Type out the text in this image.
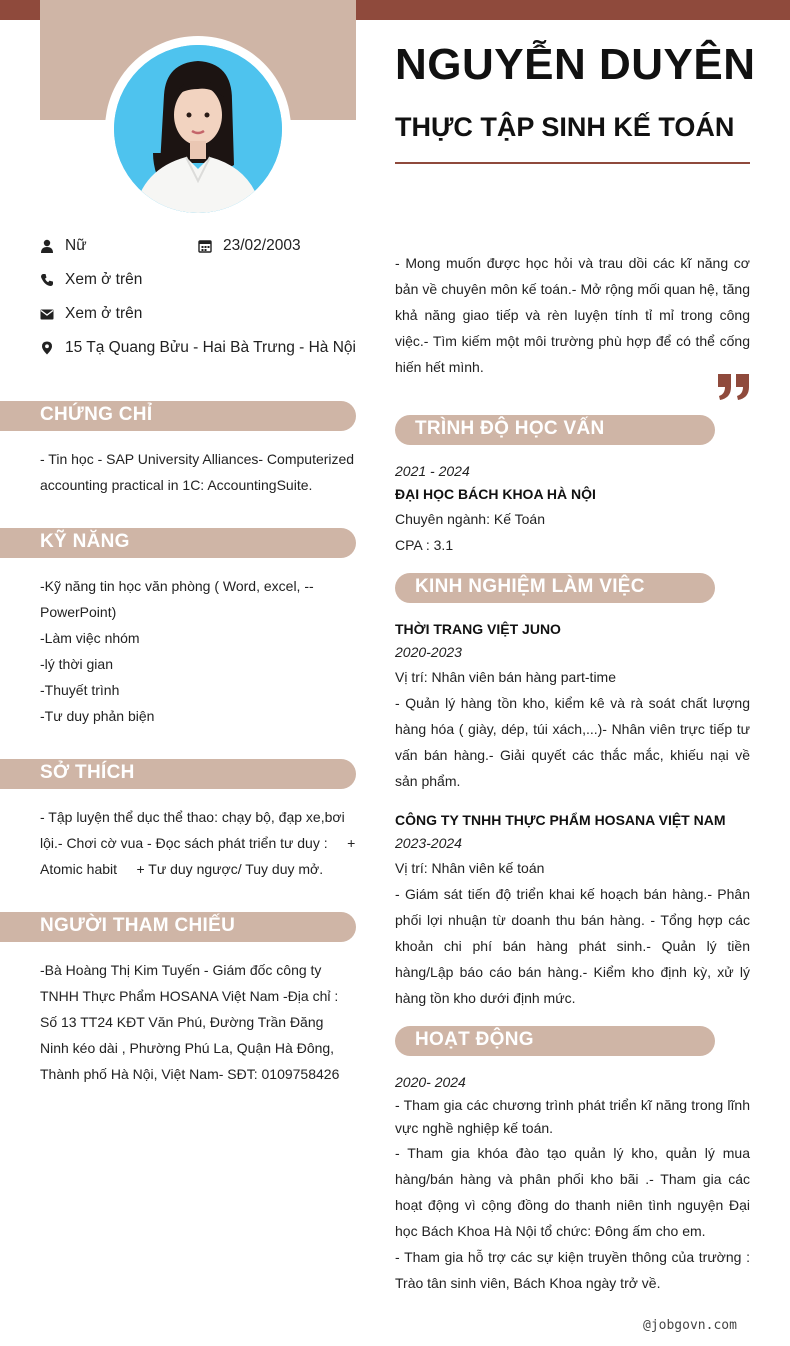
NGUYỄN DUYÊN
THỰC TẬP SINH KẾ TOÁN
Nữ	23/02/2003
Xem ở trên
Xem ở trên
15 Tạ Quang Bửu - Hai Bà Trưng - Hà Nội
- Mong muốn được học hỏi và trau dồi các kĩ năng cơ bản về chuyên môn kế toán.- Mở rộng mối quan hệ, tăng khả năng giao tiếp và rèn luyện tính tỉ mỉ trong công việc.- Tìm kiếm một môi trường phù hợp để có thể cống hiến hết mình.
CHỨNG CHỈ
- Tin học - SAP University Alliances- Computerized accounting practical in 1C: AccountingSuite.
KỸ NĂNG
-Kỹ năng tin học văn phòng ( Word, excel, --PowerPoint)
-Làm việc nhóm
-lý thời gian
-Thuyết trình
-Tư duy phản biện
SỞ THÍCH
- Tập luyện thể dục thể thao: chạy bộ, đạp xe,bơi lội.- Chơi cờ vua - Đọc sách phát triển tư duy :     + Atomic habit     + Tư duy ngược/ Tuy duy mở.
NGƯỜI THAM CHIẾU
-Bà Hoàng Thị Kim Tuyến - Giám đốc công ty TNHH Thực Phẩm HOSANA Việt Nam -Địa chỉ : Số 13 TT24 KĐT Văn Phú, Đường Trần Đăng Ninh kéo dài , Phường Phú La, Quận Hà Đông, Thành phố Hà Nội, Việt Nam- SĐT: 0109758426
TRÌNH ĐỘ HỌC VẤN
2021 - 2024
ĐẠI HỌC BÁCH KHOA HÀ NỘI
Chuyên ngành: Kế Toán
CPA : 3.1
KINH NGHIỆM LÀM VIỆC
THỜI TRANG VIỆT JUNO
2020-2023
Vị trí: Nhân viên bán hàng part-time
- Quản lý hàng tồn kho, kiểm kê và rà soát chất lượng hàng hóa ( giày, dép, túi xách,...)- Nhân viên trực tiếp tư vấn bán hàng.- Giải quyết các thắc mắc, khiếu nại về sản phẩm.
CÔNG TY TNHH THỰC PHẨM HOSANA VIỆT NAM
2023-2024
Vị trí: Nhân viên kế toán
- Giám sát tiến độ triển khai kế hoạch bán hàng.- Phân phối lợi nhuận từ doanh thu bán hàng. - Tổng hợp các khoản chi phí bán hàng phát sinh.- Quản lý tiền hàng/Lập báo cáo bán hàng.- Kiểm kho định kỳ, xử lý hàng tồn kho dưới định mức.
HOẠT ĐỘNG
2020- 2024
- Tham gia các chương trình phát triển kĩ năng trong lĩnh vực nghề nghiệp kế toán.
- Tham gia khóa đào tạo quản lý kho, quản lý mua hàng/bán hàng và phân phối kho bãi .- Tham gia các hoạt động vì cộng đồng do thanh niên tình nguyện Đại học Bách Khoa Hà Nội tổ chức: Đông ấm cho em.
- Tham gia hỗ trợ các sự kiện truyền thông của trường : Trào tân sinh viên, Bách Khoa ngày trở về.
@jobgovn.com
